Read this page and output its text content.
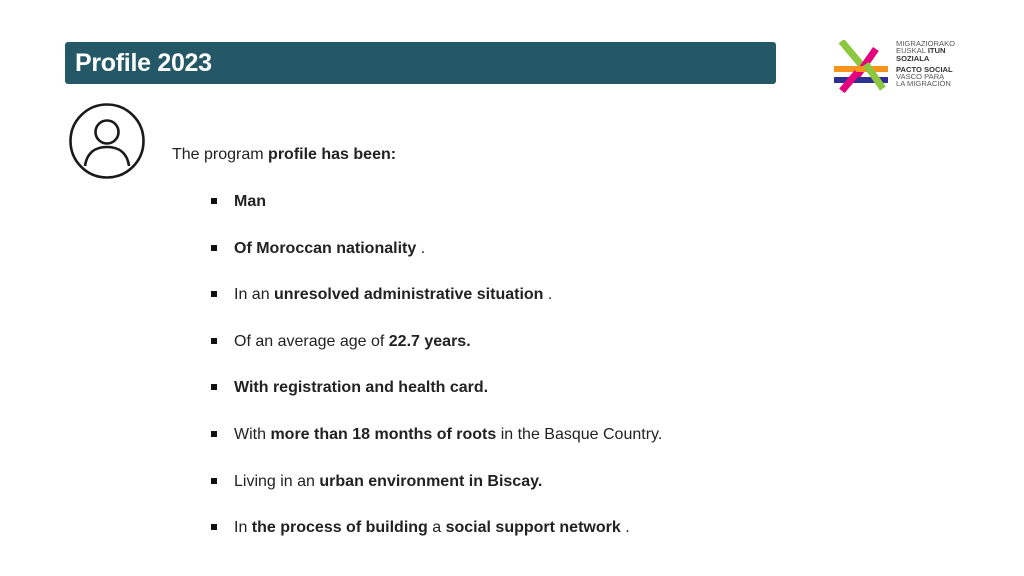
Profile 2023
MIGRAZIORAKO
EUSKAL ITUN
SOZIALA
PACTO SOCIAL
VASCO PARA
LA MIGRACIÓN
The program profile has been:
Man
Of Moroccan nationality .
In an unresolved administrative situation .
Of an average age of 22.7 years.
With registration and health card.
With more than 18 months of roots in the Basque Country.
Living in an urban environment in Biscay.
In the process of building a social support network .
